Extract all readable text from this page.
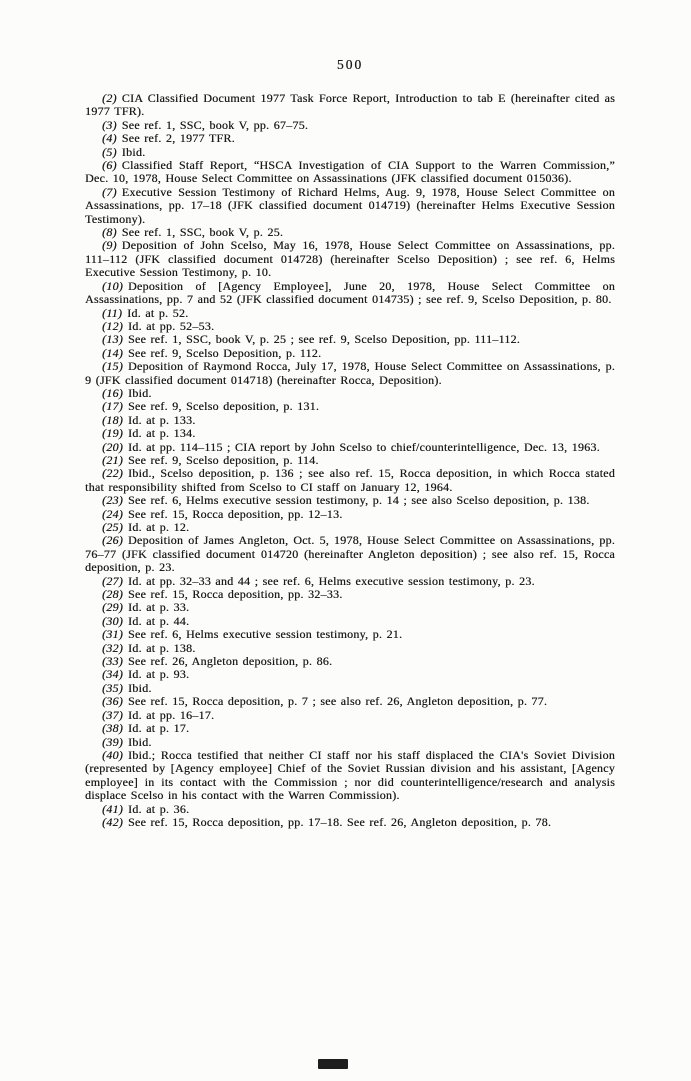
500

(2) CIA Classified Document 1977 Task Force Report, Introduction to tab E (hereinafter cited as 1977 TFR).

(3) See ref. 1, SSC, book V, pp. 67–75.

(4) See ref. 2, 1977 TFR.

(5) Ibid.

(6) Classified Staff Report, “HSCA Investigation of CIA Support to the Warren Commission,” Dec. 10, 1978, House Select Committee on Assassinations (JFK classified document 015036).

(7) Executive Session Testimony of Richard Helms, Aug. 9, 1978, House Select Committee on Assassinations, pp. 17–18 (JFK classified document 014719) (hereinafter Helms Executive Session Testimony).

(8) See ref. 1, SSC, book V, p. 25.

(9) Deposition of John Scelso, May 16, 1978, House Select Committee on Assassinations, pp. 111–112 (JFK classified document 014728) (hereinafter Scelso Deposition) ; see ref. 6, Helms Executive Session Testimony, p. 10.

(10) Deposition of [Agency Employee], June 20, 1978, House Select Committee on Assassinations, pp. 7 and 52 (JFK classified document 014735) ; see ref. 9, Scelso Deposition, p. 80.

(11) Id. at p. 52.

(12) Id. at pp. 52–53.

(13) See ref. 1, SSC, book V, p. 25 ; see ref. 9, Scelso Deposition, pp. 111–112.

(14) See ref. 9, Scelso Deposition, p. 112.

(15) Deposition of Raymond Rocca, July 17, 1978, House Select Committee on Assassinations, p. 9 (JFK classified document 014718) (hereinafter Rocca, Deposition).

(16) Ibid.

(17) See ref. 9, Scelso deposition, p. 131.

(18) Id. at p. 133.

(19) Id. at p. 134.

(20) Id. at pp. 114–115 ; CIA report by John Scelso to chief/counterintelligence, Dec. 13, 1963.

(21) See ref. 9, Scelso deposition, p. 114.

(22) Ibid., Scelso deposition, p. 136 ; see also ref. 15, Rocca deposition, in which Rocca stated that responsibility shifted from Scelso to CI staff on January 12, 1964.

(23) See ref. 6, Helms executive session testimony, p. 14 ; see also Scelso deposition, p. 138.

(24) See ref. 15, Rocca deposition, pp. 12–13.

(25) Id. at p. 12.

(26) Deposition of James Angleton, Oct. 5, 1978, House Select Committee on Assassinations, pp. 76–77 (JFK classified document 014720 (hereinafter Angleton deposition) ; see also ref. 15, Rocca deposition, p. 23.

(27) Id. at pp. 32–33 and 44 ; see ref. 6, Helms executive session testimony, p. 23.

(28) See ref. 15, Rocca deposition, pp. 32–33.

(29) Id. at p. 33.

(30) Id. at p. 44.

(31) See ref. 6, Helms executive session testimony, p. 21.

(32) Id. at p. 138.

(33) See ref. 26, Angleton deposition, p. 86.

(34) Id. at p. 93.

(35) Ibid.

(36) See ref. 15, Rocca deposition, p. 7 ; see also ref. 26, Angleton deposition, p. 77.

(37) Id. at pp. 16–17.

(38) Id. at p. 17.

(39) Ibid.

(40) Ibid.; Rocca testified that neither CI staff nor his staff displaced the CIA's Soviet Division (represented by [Agency employee] Chief of the Soviet Russian division and his assistant, [Agency employee] in its contact with the Commission ; nor did counterintelligence/research and analysis displace Scelso in his contact with the Warren Commission).

(41) Id. at p. 36.

(42) See ref. 15, Rocca deposition, pp. 17–18. See ref. 26, Angleton deposition, p. 78.
